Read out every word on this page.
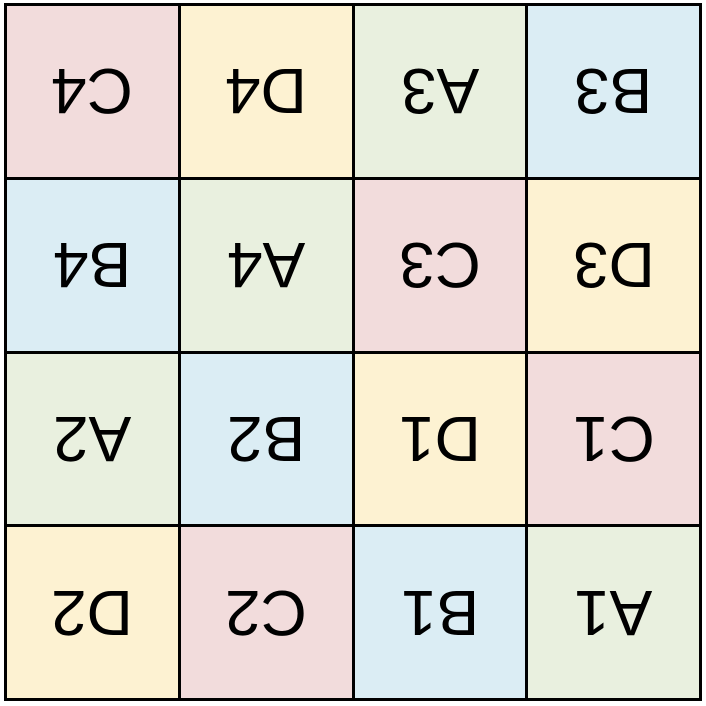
C4 D4 A3 B3
B4 A4 C3 D3
A2 B2 D1 C1
D2 C2 B1 A1
